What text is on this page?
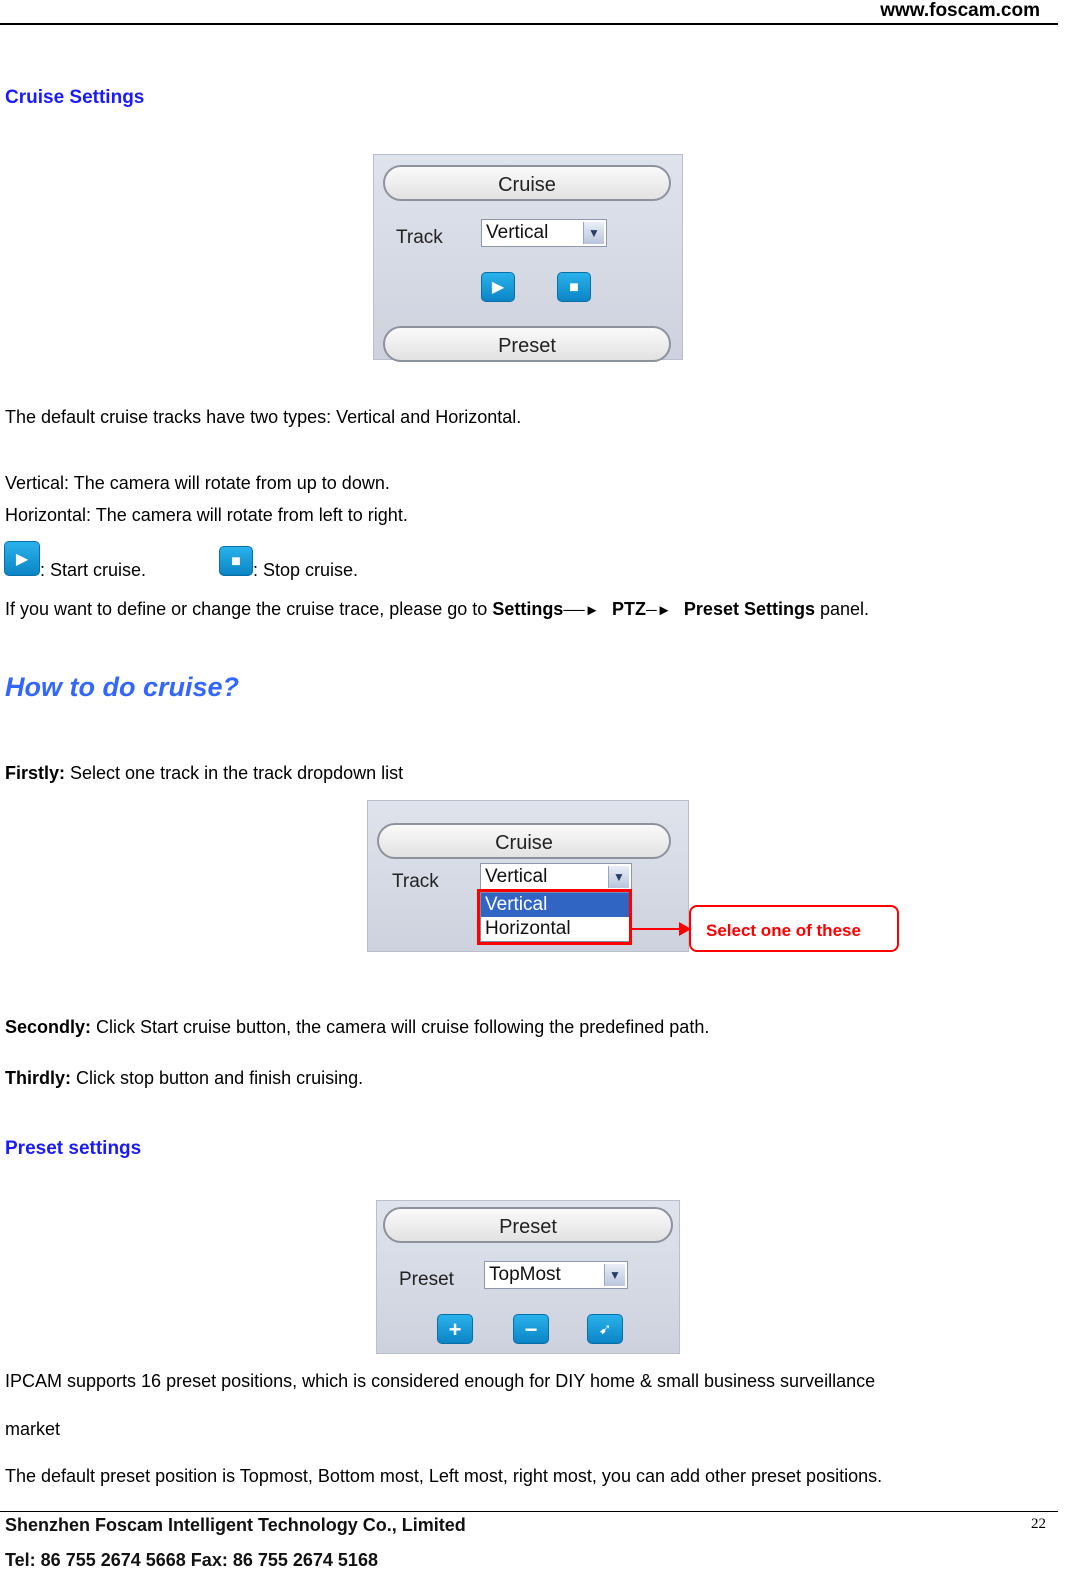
www.foscam.com
Cruise Settings
Cruise
Track Vertical	▼
▶	■
Preset
The default cruise tracks have two types: Vertical and Horizontal.
Vertical: The camera will rotate from up to down.
Horizontal: The camera will rotate from left to right.
▶
: Start cruise.	■ : Stop cruise.
If you want to define or change the cruise trace, please go to Settings──►   PTZ─►   Preset Settings panel.
How to do cruise?
Firstly: Select one track in the track dropdown list
Cruise
Track Vertical	▼
Vertical
Horizontal	Select one of these
Secondly: Click Start cruise button, the camera will cruise following the predefined path.
Thirdly: Click stop button and finish cruising.
Preset settings
Preset
Preset TopMost	▼
+	−	➹
IPCAM supports 16 preset positions, which is considered enough for DIY home & small business surveillance
market
The default preset position is Topmost, Bottom most, Left most, right most, you can add other preset positions.
Shenzhen Foscam Intelligent Technology Co., Limited	22
Tel: 86 755 2674 5668 Fax: 86 755 2674 5168
